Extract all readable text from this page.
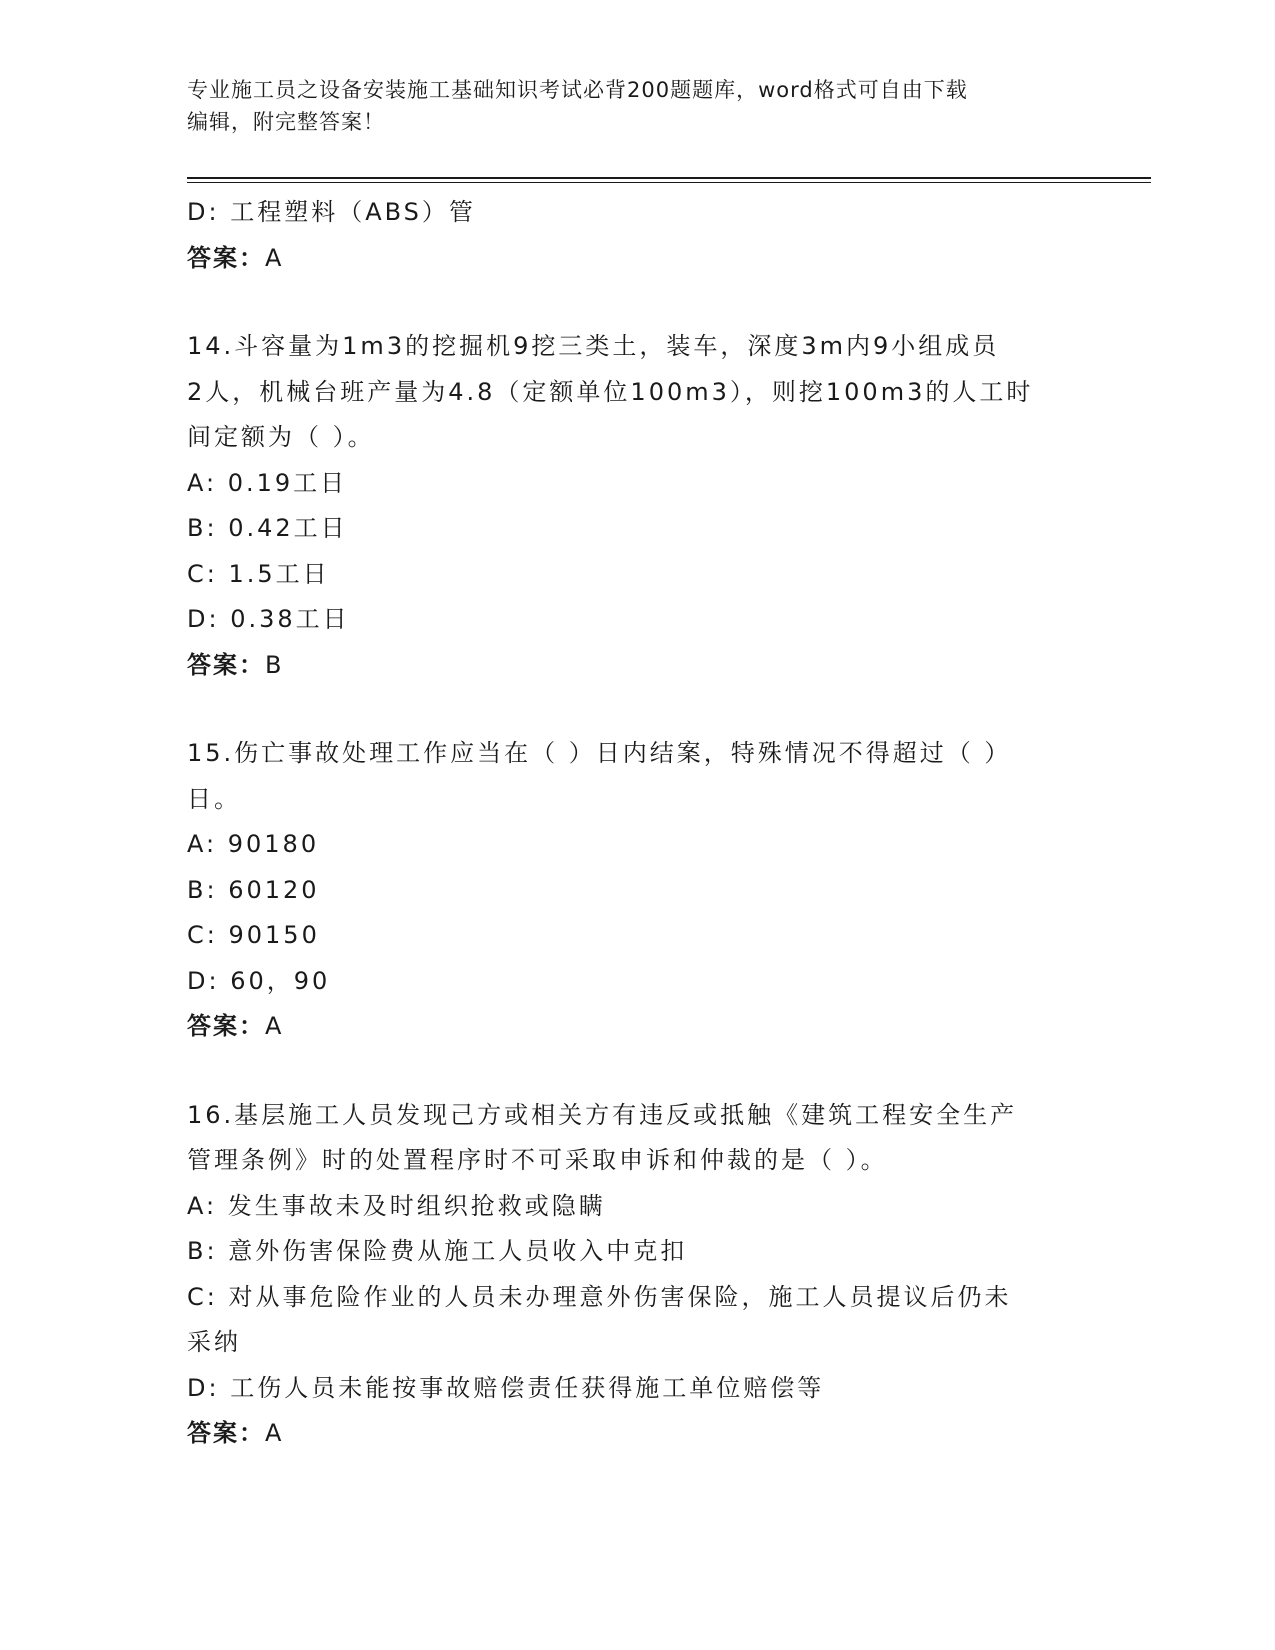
专业施工员之设备安装施工基础知识考试必背200题题库，word格式可自由下载
编辑，附完整答案！
D: 工程塑料（ABS）管
答案：A
14.斗容量为1m3的挖掘机9挖三类土，装车，深度3m内9小组成员
2人，机械台班产量为4.8（定额单位100m3），则挖100m3的人工时
间定额为（ ）。
A: 0.19工日
B: 0.42工日
C: 1.5工日
D: 0.38工日
答案：B
15.伤亡事故处理工作应当在（ ）日内结案，特殊情况不得超过（ ）
日。
A: 90180
B: 60120
C: 90150
D: 60，90
答案：A
16.基层施工人员发现己方或相关方有违反或抵触《建筑工程安全生产
管理条例》时的处置程序时不可采取申诉和仲裁的是（ ）。
A: 发生事故未及时组织抢救或隐瞒
B: 意外伤害保险费从施工人员收入中克扣
C: 对从事危险作业的人员未办理意外伤害保险，施工人员提议后仍未
采纳
D: 工伤人员未能按事故赔偿责任获得施工单位赔偿等
答案：A
